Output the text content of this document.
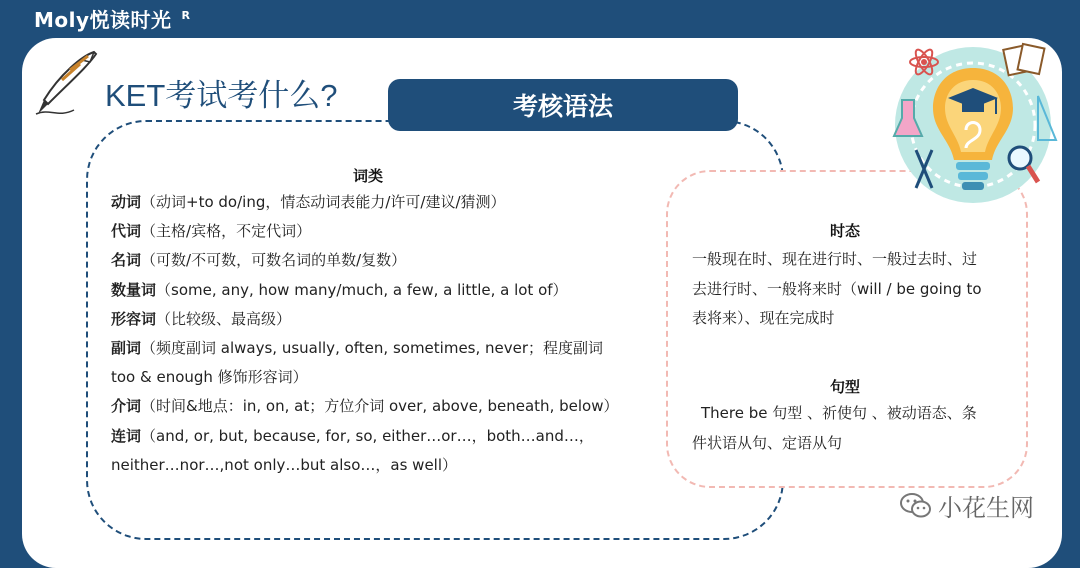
Moly悦读时光 $^R$
KET考试考什么?	考核语法
词类
动词（动词+to do/ing，情态动词表能力/许可/建议/猜测）
代词（主格/宾格，不定代词）
名词（可数/不可数，可数名词的单数/复数）
数量词（some, any, how many/much, a few, a little, a lot of）
形容词（比较级、最高级）
副词（频度副词 always, usually, often, sometimes, never；程度副词
too & enough 修饰形容词）
介词（时间&地点：in, on, at；方位介词 over, above, beneath, below）
连词（and, or, but, because, for, so, either…or…，both…and…，
neither…nor…,not only…but also…，as well）
时态
一般现在时、现在进行时、一般过去时、过
去进行时、一般将来时（will / be going to
表将来）、现在完成时
句型
There be 句型 、祈使句 、被动语态、条
件状语从句、定语从句
小花生网
